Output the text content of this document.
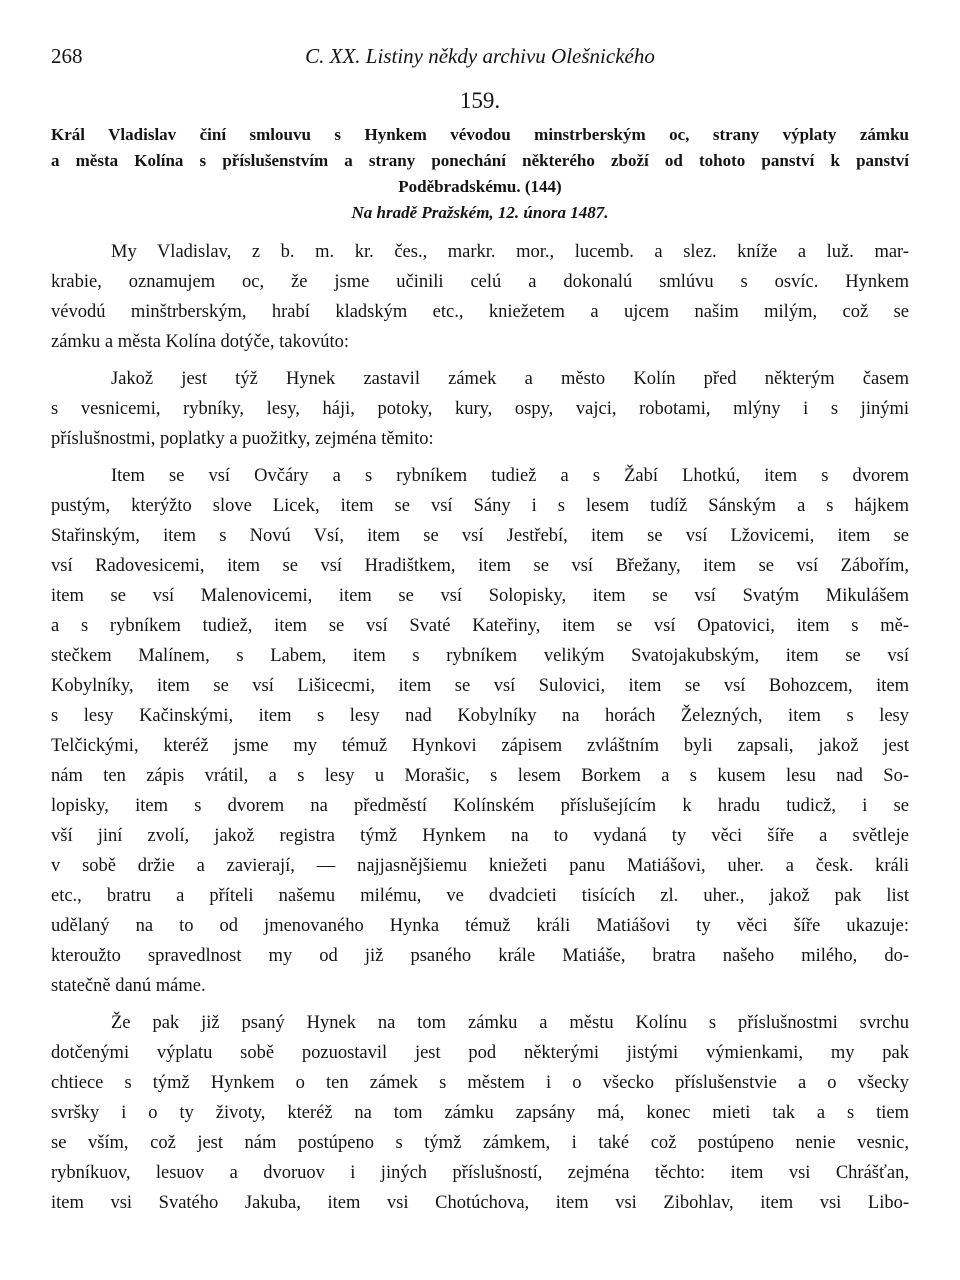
268	C. XX. Listiny někdy archivu Olešnického
159.
Král Vladislav činí smlouvu s Hynkem vévodou minstrberským oc, strany výplaty zámku
a města Kolína s příslušenstvím a strany ponechání některého zboží od tohoto panství k panství
Poděbradskému. (144)
Na hradě Pražském, 12. února 1487.
My Vladislav, z b. m. kr. čes., markr. mor., lucemb. a slez. kníže a luž. mar-
krabie, oznamujem oc, že jsme učinili celú a dokonalú smlúvu s osvíc. Hynkem
vévodú minštrberským, hrabí kladským etc., kniežetem a ujcem našim milým, což se
zámku a města Kolína dotýče, takovúto:
Jakož jest týž Hynek zastavil zámek a město Kolín před některým časem
s vesnicemi, rybníky, lesy, háji, potoky, kury, ospy, vajci, robotami, mlýny i s jinými
příslušnostmi, poplatky a puožitky, zejména těmito:
Item se vsí Ovčáry a s rybníkem tudiež a s Žabí Lhotkú, item s dvorem
pustým, kterýžto slove Licek, item se vsí Sány i s lesem tudíž Sánským a s hájkem
Stařinským, item s Novú Vsí, item se vsí Jestřebí, item se vsí Lžovicemi, item se
vsí Radovesicemi, item se vsí Hradištkem, item se vsí Břežany, item se vsí Zábořím,
item se vsí Malenovicemi, item se vsí Solopisky, item se vsí Svatým Mikulášem
a s rybníkem tudiež, item se vsí Svaté Kateřiny, item se vsí Opatovici, item s mě-
stečkem Malínem, s Labem, item s rybníkem velikým Svatojakubským, item se vsí
Kobylníky, item se vsí Lišicecmi, item se vsí Sulovici, item se vsí Bohozcem, item
s lesy Kačinskými, item s lesy nad Kobylníky na horách Železných, item s lesy
Telčickými, kteréž jsme my témuž Hynkovi zápisem zvláštním byli zapsali, jakož jest
nám ten zápis vrátil, a s lesy u Morašic, s lesem Borkem a s kusem lesu nad So-
lopisky, item s dvorem na předměstí Kolínském příslušejícím k hradu tudicž, i se
vší jiní zvolí, jakož registra týmž Hynkem na to vydaná ty věci šíře a světleje
v sobě držie a zavierají, — najjasnějšiemu kniežeti panu Matiášovi, uher. a česk. králi
etc., bratru a příteli našemu milému, ve dvadcieti tisících zl. uher., jakož pak list
udělaný na to od jmenovaného Hynka témuž králi Matiášovi ty věci šíře ukazuje:
kteroužto spravedlnost my od již psaného krále Matiáše, bratra našeho milého, do-
statečně danú máme.
Že pak již psaný Hynek na tom zámku a městu Kolínu s příslušnostmi svrchu
dotčenými výplatu sobě pozuostavil jest pod některými jistými výmienkami, my pak
chtiece s týmž Hynkem o ten zámek s městem i o všecko příslušenstvie a o všecky
svršky i o ty životy, kteréž na tom zámku zapsány má, konec mieti tak a s tiem
se vším, což jest nám postúpeno s týmž zámkem, i také což postúpeno nenie vesnic,
rybníkuov, lesuov a dvoruov i jiných příslušností, zejména těchto: item vsi Chrášťan,
item vsi Svatého Jakuba, item vsi Chotúchova, item vsi Zibohlav, item vsi Libo-
